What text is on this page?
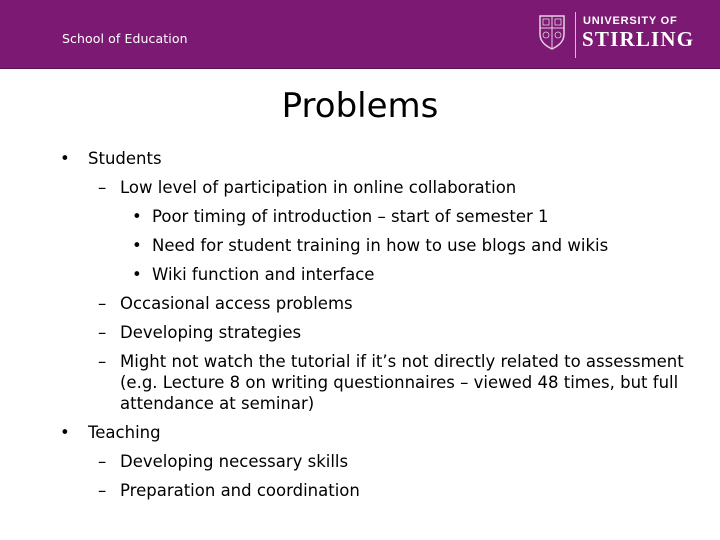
School of Education
UNIVERSITY OF
STIRLING
Problems
• Students
– Low level of participation in online collaboration
• Poor timing of introduction – start of semester 1
• Need for student training in how to use blogs and wikis
• Wiki function and interface
– Occasional access problems
– Developing strategies
– Might not watch the tutorial if it’s not directly related to assessment (e.g. Lecture 8 on writing questionnaires – viewed 48 times, but full attendance at seminar)
• Teaching
– Developing necessary skills
– Preparation and coordination
